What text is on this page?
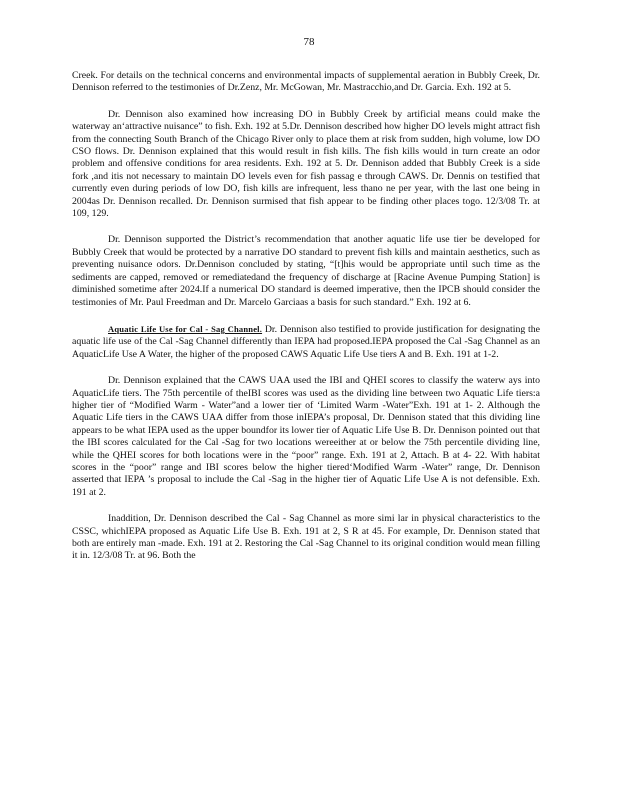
78

Creek. For details on the technical concerns and environmental impacts of supplemental aeration in Bubbly Creek, Dr. Dennison referred to the testimonies of Dr.Zenz, Mr. McGowan, Mr. Mastracchio,and Dr. Garcia. Exh. 192 at 5.

Dr. Dennison also examined how increasing DO in Bubbly Creek by artificial means could make the waterway an‘attractive nuisance” to fish. Exh. 192 at 5.Dr. Dennison described how higher DO levels might attract fish from the connecting South Branch of the Chicago River only to place them at risk from sudden, high volume, low DO CSO flows. Dr. Dennison explained that this would result in fish kills. The fish kills would in turn create an odor problem and offensive conditions for area residents. Exh. 192 at 5. Dr. Dennison added that Bubbly Creek is a side fork ,and itis not necessary to maintain DO levels even for fish passag e through CAWS. Dr. Dennis on testified that currently even during periods of low DO, fish kills are infrequent, less thano ne per year, with the last one being in 2004as Dr. Dennison recalled. Dr. Dennison surmised that fish appear to be finding other places togo. 12/3/08 Tr. at 109, 129.

Dr. Dennison supported the District’s recommendation that another aquatic life use tier be developed for Bubbly Creek that would be protected by a narrative DO standard to prevent fish kills and maintain aesthetics, such as preventing nuisance odors. Dr.Dennison concluded by stating, “[t]his would be appropriate until such time as the sediments are capped, removed or remediatedand the frequency of discharge at [Racine Avenue Pumping Station] is diminished sometime after 2024.If a numerical DO standard is deemed imperative, then the IPCB should consider the testimonies of Mr. Paul Freedman and Dr. Marcelo Garciaas a basis for such standard.” Exh. 192 at 6.

Aquatic Life Use for Cal - Sag Channel. Dr. Dennison also testified to provide justification for designating the aquatic life use of the Cal -Sag Channel differently than IEPA had proposed.IEPA proposed the Cal -Sag Channel as an AquaticLife Use A Water, the higher of the proposed CAWS Aquatic Life Use tiers A and B. Exh. 191 at 1-2.

Dr. Dennison explained that the CAWS UAA used the IBI and QHEI scores to classify the waterw ays into AquaticLife tiers. The 75th percentile of theIBI scores was used as the dividing line between two Aquatic Life tiers:a higher tier of “Modified Warm - Water”and a lower tier of ‘Limited Warm -Water”Exh. 191 at 1- 2. Although the Aquatic Life tiers in the CAWS UAA differ from those inIEPA’s proposal, Dr. Dennison stated that this dividing line appears to be what IEPA used as the upper boundfor its lower tier of Aquatic Life Use B. Dr. Dennison pointed out that the IBI scores calculated for the Cal -Sag for two locations wereeither at or below the 75th percentile dividing line, while the QHEI scores for both locations were in the “poor” range. Exh. 191 at 2, Attach. B at 4- 22. With habitat scores in the “poor” range and IBI scores below the higher tiered‘Modified Warm -Water” range, Dr. Dennison asserted that IEPA ’s proposal to include the Cal -Sag in the higher tier of Aquatic Life Use A is not defensible. Exh. 191 at 2.

Inaddition, Dr. Dennison described the Cal - Sag Channel as more simi lar in physical characteristics to the CSSC, whichIEPA proposed as Aquatic Life Use B. Exh. 191 at 2, S R at 45. For example, Dr. Dennison stated that both are entirely man -made. Exh. 191 at 2. Restoring the Cal -Sag Channel to its original condition would mean filling it in. 12/3/08 Tr. at 96. Both the
